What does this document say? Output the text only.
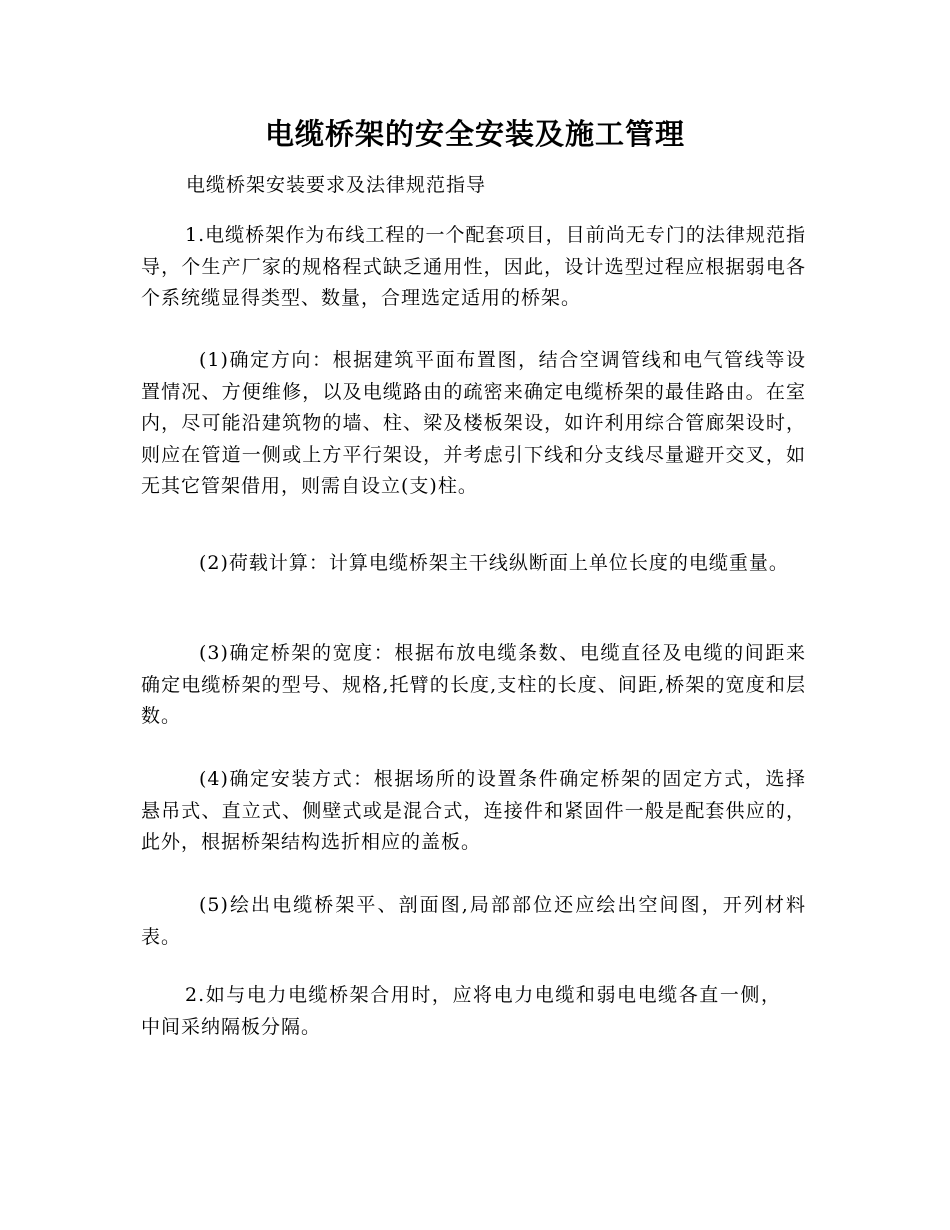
电缆桥架的安全安装及施工管理

电缆桥架安装要求及法律规范指导

1.电缆桥架作为布线工程的一个配套项目，目前尚无专门的法律规范指导，个生产厂家的规格程式缺乏通用性，因此，设计选型过程应根据弱电各个系统缆显得类型、数量，合理选定适用的桥架。

(1)确定方向：根据建筑平面布置图，结合空调管线和电气管线等设置情况、方便维修，以及电缆路由的疏密来确定电缆桥架的最佳路由。在室内，尽可能沿建筑物的墙、柱、梁及楼板架设，如许利用综合管廊架设时，则应在管道一侧或上方平行架设，并考虑引下线和分支线尽量避开交叉，如无其它管架借用，则需自设立(支)柱。

(2)荷载计算：计算电缆桥架主干线纵断面上单位长度的电缆重量。

(3)确定桥架的宽度：根据布放电缆条数、电缆直径及电缆的间距来确定电缆桥架的型号、规格,托臂的长度,支柱的长度、间距,桥架的宽度和层数。

(4)确定安装方式：根据场所的设置条件确定桥架的固定方式，选择悬吊式、直立式、侧壁式或是混合式，连接件和紧固件一般是配套供应的，此外，根据桥架结构选折相应的盖板。

(5)绘出电缆桥架平、剖面图,局部部位还应绘出空间图，开列材料表。

2.如与电力电缆桥架合用时，应将电力电缆和弱电电缆各直一侧，中间采纳隔板分隔。
